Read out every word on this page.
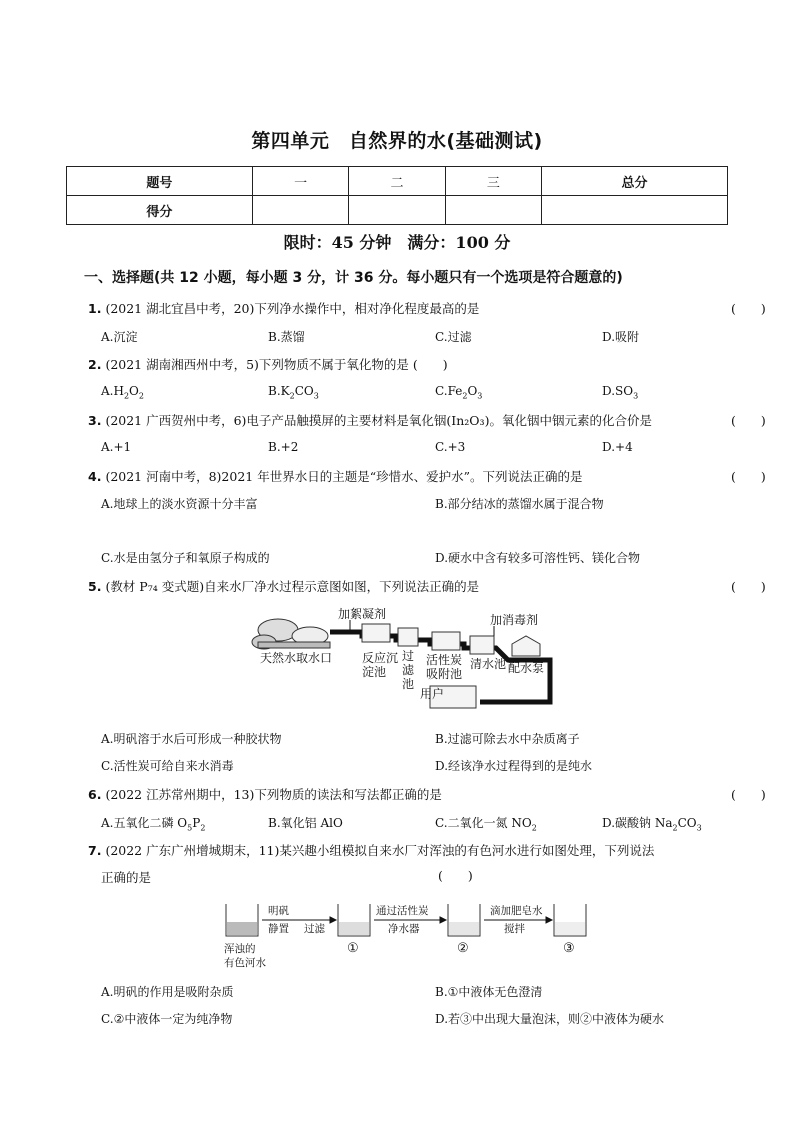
第四单元　自然界的水(基础测试)
题号	一	二	三	总分
得分				
限时：45 分钟　满分：100 分
一、选择题(共 12 小题，每小题 3 分，计 36 分。每小题只有一个选项是符合题意的)
1. (2021 湖北宜昌中考，20)下列净水操作中，相对净化程度最高的是	(　　)
A.沉淀	B.蒸馏	C.过滤	D.吸附
2. (2021 湖南湘西州中考，5)下列物质不属于氧化物的是 (　　)
$A.H_2O_2$	$B.K_2CO_3$	$C.Fe_2O_3$	$D.SO_3$
3. (2021 广西贺州中考，6)电子产品触摸屏的主要材料是氧化铟(In₂O₃)。氧化铟中铟元素的化合价是	(　　)
A.+1	B.+2	C.+3	D.+4
4. (2021 河南中考，8)2021 年世界水日的主题是“珍惜水、爱护水”。下列说法正确的是	(　　)
A.地球上的淡水资源十分丰富	B.部分结冰的蒸馏水属于混合物
C.水是由氢分子和氧原子构成的	D.硬水中含有较多可溶性钙、镁化合物
5. (教材 P₇₄ 变式题)自来水厂净水过程示意图如图，下列说法正确的是	(　　)
加絮凝剂	加消毒剂
天然水取水口 反应沉
淀池
过
滤
池
活性炭
吸附池
清水池 配水泵
用户
A.明矾溶于水后可形成一种胶状物	B.过滤可除去水中杂质离子
C.活性炭可给自来水消毒	D.经该净水过程得到的是纯水
6. (2022 江苏常州期中，13)下列物质的读法和写法都正确的是	(　　)
A.五氧化二磷 $O_5P_2$	B.氧化铝 AlO	C.二氧化一氮 $NO_2$	D.碳酸钠 $Na_2CO_3$
7. (2022 广东广州增城期末，11)某兴趣小组模拟自来水厂对浑浊的有色河水进行如图处理，下列说法
正确的是	(　　)
明矾
静置 过滤
通过活性炭
净水器
滴加肥皂水
搅拌
浑浊的
有色河水
①	②	③
A.明矾的作用是吸附杂质	B.①中液体无色澄清
C.②中液体一定为纯净物	D.若③中出现大量泡沫，则②中液体为硬水
